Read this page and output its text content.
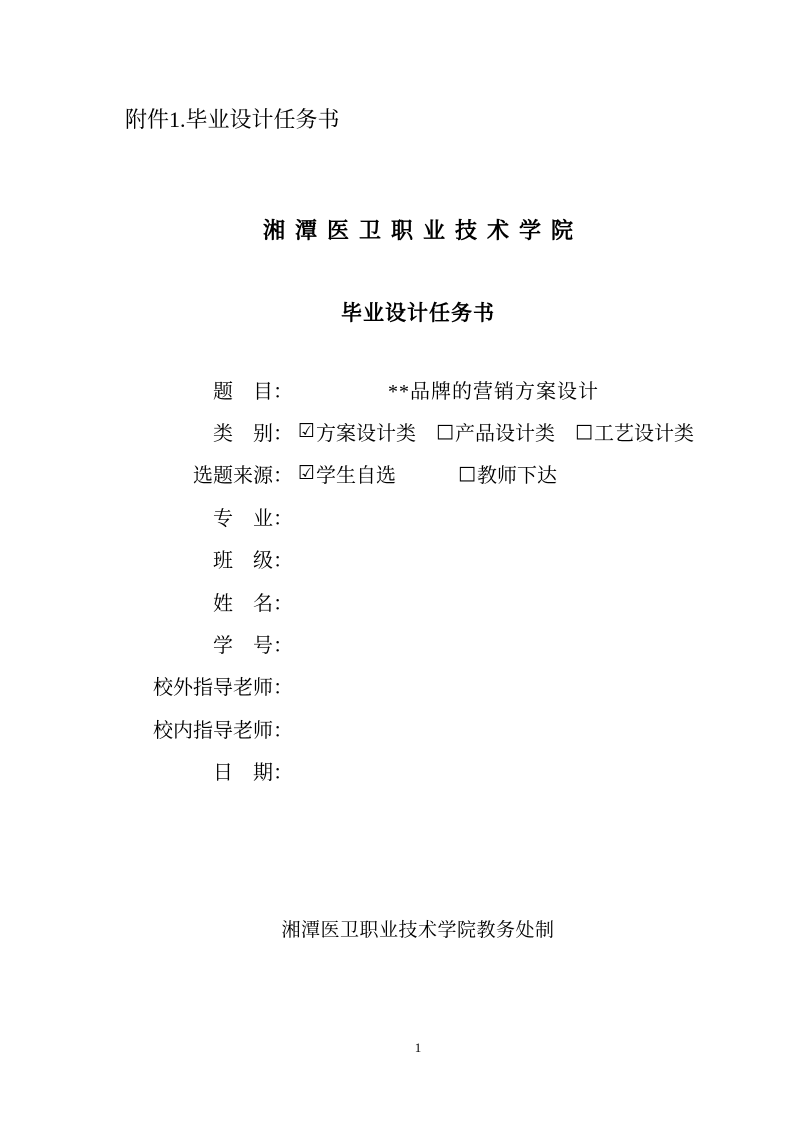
附件1.毕业设计任务书
湘潭医卫职业技术学院
毕业设计任务书
题　目：	**品牌的营销方案设计
类　别： ☑ 方案设计类 □ 产品设计类 □ 工艺设计类
选题来源： ☑ 学生自选	□ 教师下达
专　业：
班　级：
姓　名：
学　号：
校外指导老师：
校内指导老师：
日　期：
湘潭医卫职业技术学院教务处制
1
